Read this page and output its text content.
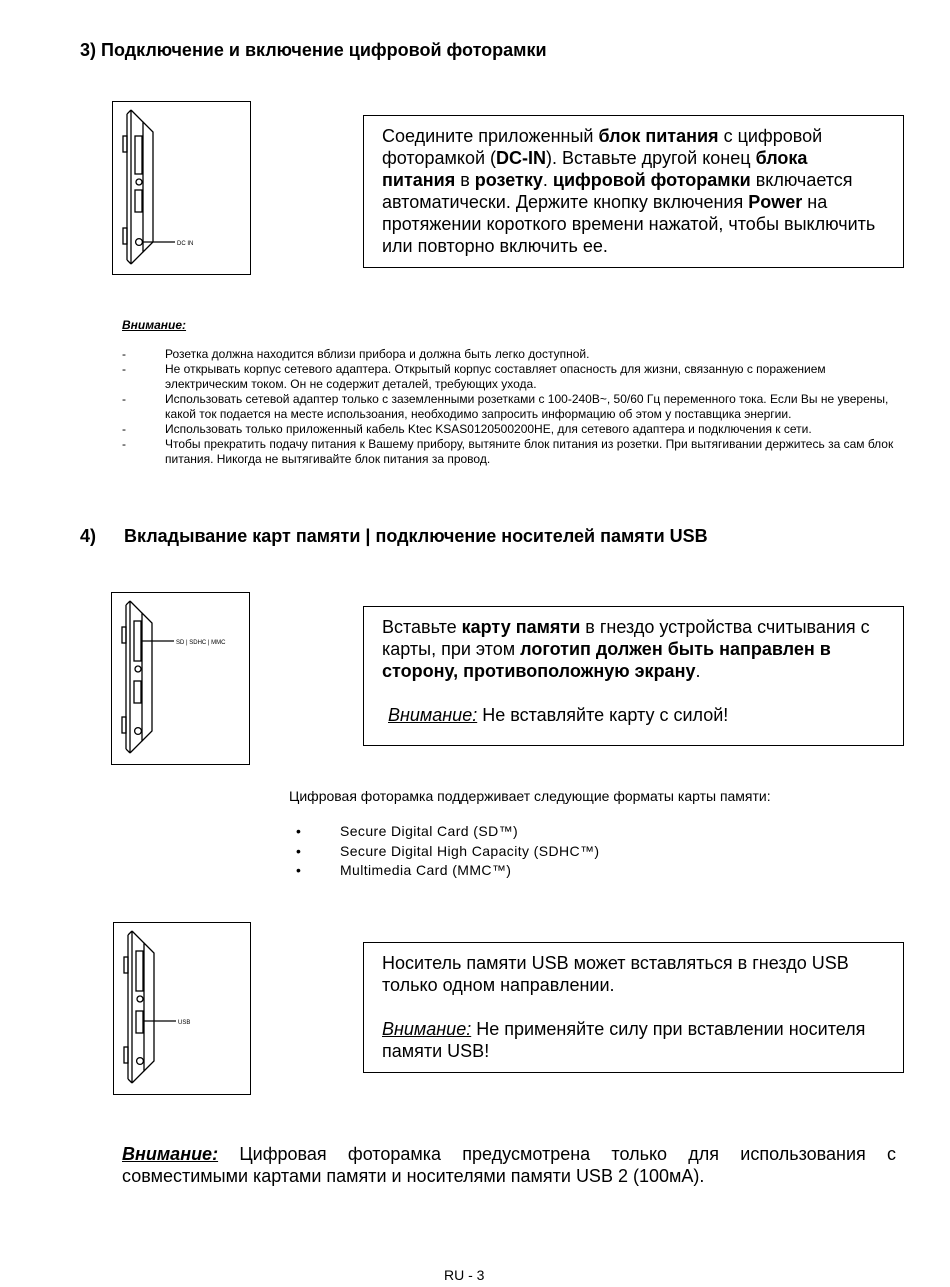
3) Подключение и включение цифровой фоторамки
DC IN

Соедините приложенный блок питания с цифровой фоторамкой (DC-IN). Вставьте другой конец блока питания в розетку. цифровой фоторамки включается автоматически. Держите кнопку включения Power на протяжении короткого времени нажатой, чтобы выключить или повторно включить ее.

Внимание:
-	Розетка должна находится вблизи прибора и должна быть легко доступной.
-	Не открывать корпус сетевого адаптера. Открытый корпус составляет опасность для жизни, связанную с поражением электрическим током. Он не содержит деталей, требующих ухода.
-	Использовать сетевой адаптер только с заземленными розетками с 100-240В~, 50/60 Гц переменного тока. Если Вы не уверены, какой ток подается на месте использоания, необходимо запросить информацию об этом у поставщика энергии.
-	Использовать только приложенный кабель Ktec KSAS0120500200HE, для сетевого адаптера и подключения к сети.
-	Чтобы прекратить подачу питания к Вашему прибору, вытяните блок питания из розетки. При вытягивании держитесь за сам блок питания. Никогда не вытягивайте блок питания за провод.
4) Вкладывание карт памяти | подключение носителей памяти USB
SD | SDHC | MMC

Вставьте карту памяти в гнездо устройства считывания с карты, при этом логотип должен быть направлен в сторону, противоположную экрану.

Внимание: Не вставляйте карту с силой!

Цифровая фоторамка поддерживает следующие форматы карты памяти:
•	Secure Digital Card (SD™)
•	Secure Digital High Capacity (SDHC™)
•	Multimedia Card (MMC™)
USB

Носитель памяти USB может вставляться в гнездо USB только одном направлении.

Внимание: Не применяйте силу при вставлении носителя памяти USB!

Внимание: Цифровая фоторамка предусмотрена только для использования с совместимыми картами памяти и носителями памяти USB 2 (100мА).
RU - 3
